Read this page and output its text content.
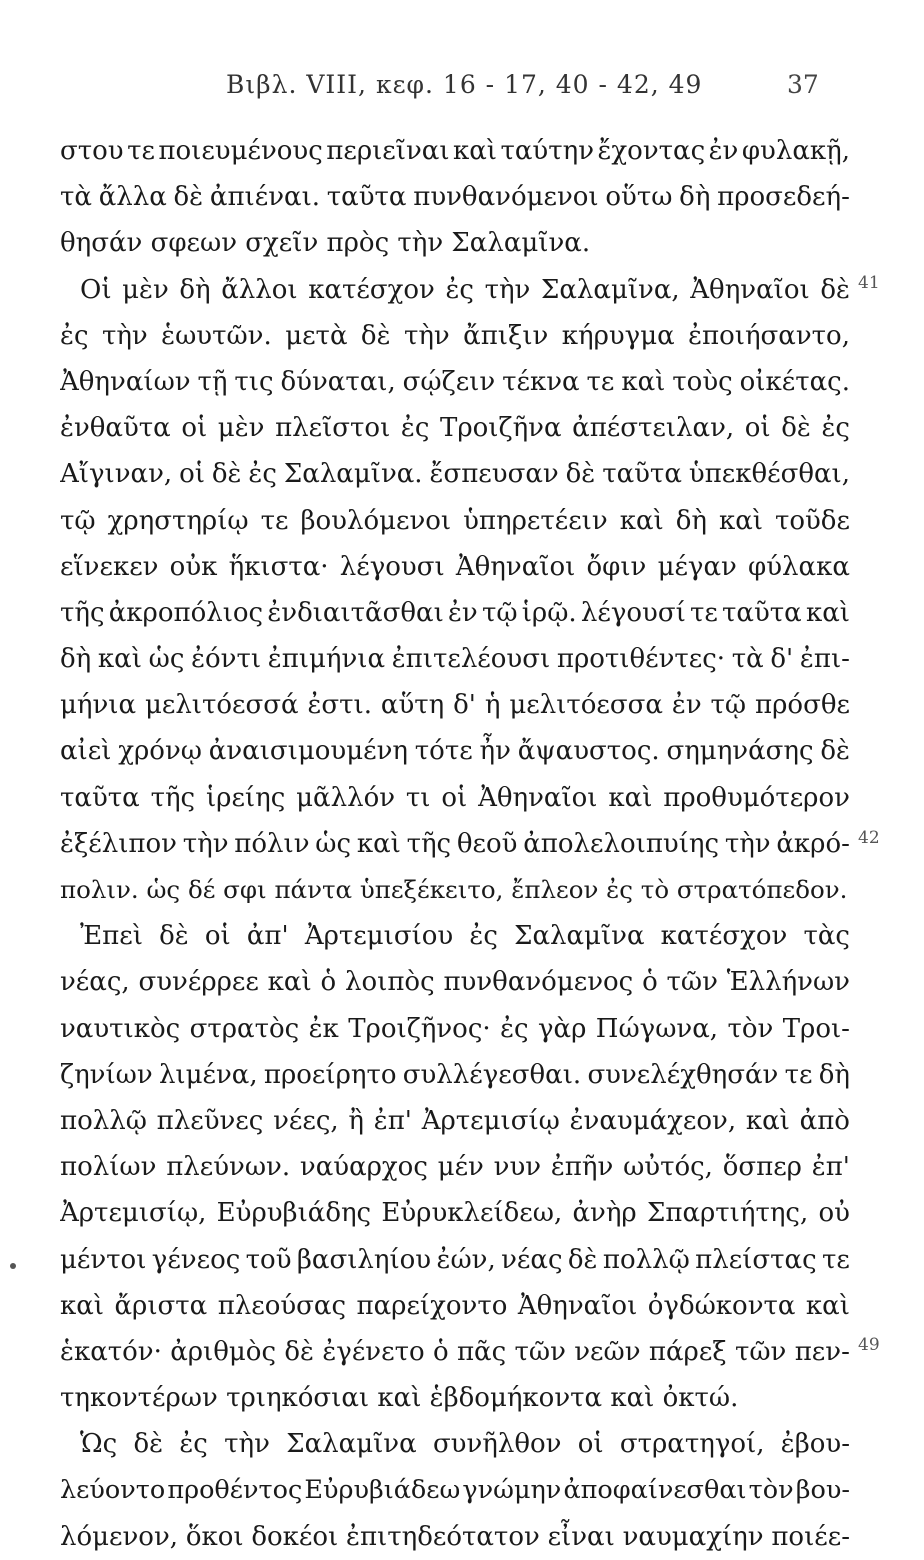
Βιβλ. VIII, κεφ. 16 - 17, 40 - 42, 49	37
στου τε ποιευμένους περιεῖναι καὶ ταύτην ἔχοντας ἐν φυλακῇ,
τὰ ἄλλα δὲ ἀπιέναι. ταῦτα πυνθανόμενοι οὕτω δὴ προσεδεή-
θησάν σφεων σχεῖν πρὸς τὴν Σαλαμῖνα.
Οἱ μὲν δὴ ἄλλοι κατέσχον ἐς τὴν Σαλαμῖνα, Ἀθηναῖοι δὲ
ἐς τὴν ἑωυτῶν. μετὰ δὲ τὴν ἄπιξιν κήρυγμα ἐποιήσαντο,
Ἀθηναίων τῇ τις δύναται, σῴζειν τέκνα τε καὶ τοὺς οἰκέτας.
ἐνθαῦτα οἱ μὲν πλεῖστοι ἐς Τροιζῆνα ἀπέστειλαν, οἱ δὲ ἐς
Αἴγιναν, οἱ δὲ ἐς Σαλαμῖνα. ἔσπευσαν δὲ ταῦτα ὑπεκθέσθαι,
τῷ χρηστηρίῳ τε βουλόμενοι ὑπηρετέειν καὶ δὴ καὶ τοῦδε
εἵνεκεν οὐκ ἥκιστα· λέγουσι Ἀθηναῖοι ὄφιν μέγαν φύλακα
τῆς ἀκροπόλιος ἐνδιαιτᾶσθαι ἐν τῷ ἱρῷ. λέγουσί τε ταῦτα καὶ
δὴ καὶ ὡς ἐόντι ἐπιμήνια ἐπιτελέουσι προτιθέντες· τὰ δ' ἐπι-
μήνια μελιτόεσσά ἐστι. αὕτη δ' ἡ μελιτόεσσα ἐν τῷ πρόσθε
αἰεὶ χρόνῳ ἀναισιμουμένη τότε ἦν ἄψαυστος. σημηνάσης δὲ
ταῦτα τῆς ἱρείης μᾶλλόν τι οἱ Ἀθηναῖοι καὶ προθυμότερον
ἐξέλιπον τὴν πόλιν ὡς καὶ τῆς θεοῦ ἀπολελοιπυίης τὴν ἀκρό-
πολιν. ὡς δέ σφι πάντα ὑπεξέκειτο, ἔπλεον ἐς τὸ στρατόπεδον.
Ἐπεὶ δὲ οἱ ἀπ' Ἀρτεμισίου ἐς Σαλαμῖνα κατέσχον τὰς
νέας, συνέρρεε καὶ ὁ λοιπὸς πυνθανόμενος ὁ τῶν Ἑλλήνων
ναυτικὸς στρατὸς ἐκ Τροιζῆνος· ἐς γὰρ Πώγωνα, τὸν Τροι-
ζηνίων λιμένα, προείρητο συλλέγεσθαι. συνελέχθησάν τε δὴ
πολλῷ πλεῦνες νέες, ἢ ἐπ' Ἀρτεμισίῳ ἐναυμάχεον, καὶ ἀπὸ
πολίων πλεύνων. ναύαρχος μέν νυν ἐπῆν ωὐτός, ὅσπερ ἐπ'
Ἀρτεμισίῳ, Εὐρυβιάδης Εὐρυκλείδεω, ἀνὴρ Σπαρτιήτης, οὐ
μέντοι γένεος τοῦ βασιληίου ἐών, νέας δὲ πολλῷ πλείστας τε
καὶ ἄριστα πλεούσας παρείχοντο Ἀθηναῖοι ὀγδώκοντα καὶ
ἑκατόν· ἀριθμὸς δὲ ἐγένετο ὁ πᾶς τῶν νεῶν πάρεξ τῶν πεν-
τηκοντέρων τριηκόσιαι καὶ ἑβδομήκοντα καὶ ὀκτώ.
Ὡς δὲ ἐς τὴν Σαλαμῖνα συνῆλθον οἱ στρατηγοί, ἐβου-
λεύοντο προθέντος Εὐρυβιάδεω γνώμην ἀποφαίνεσθαι τὸν βου-
λόμενον, ὅκοι δοκέοι ἐπιτηδεότατον εἶναι ναυμαχίην ποιέε-
41
42
49
